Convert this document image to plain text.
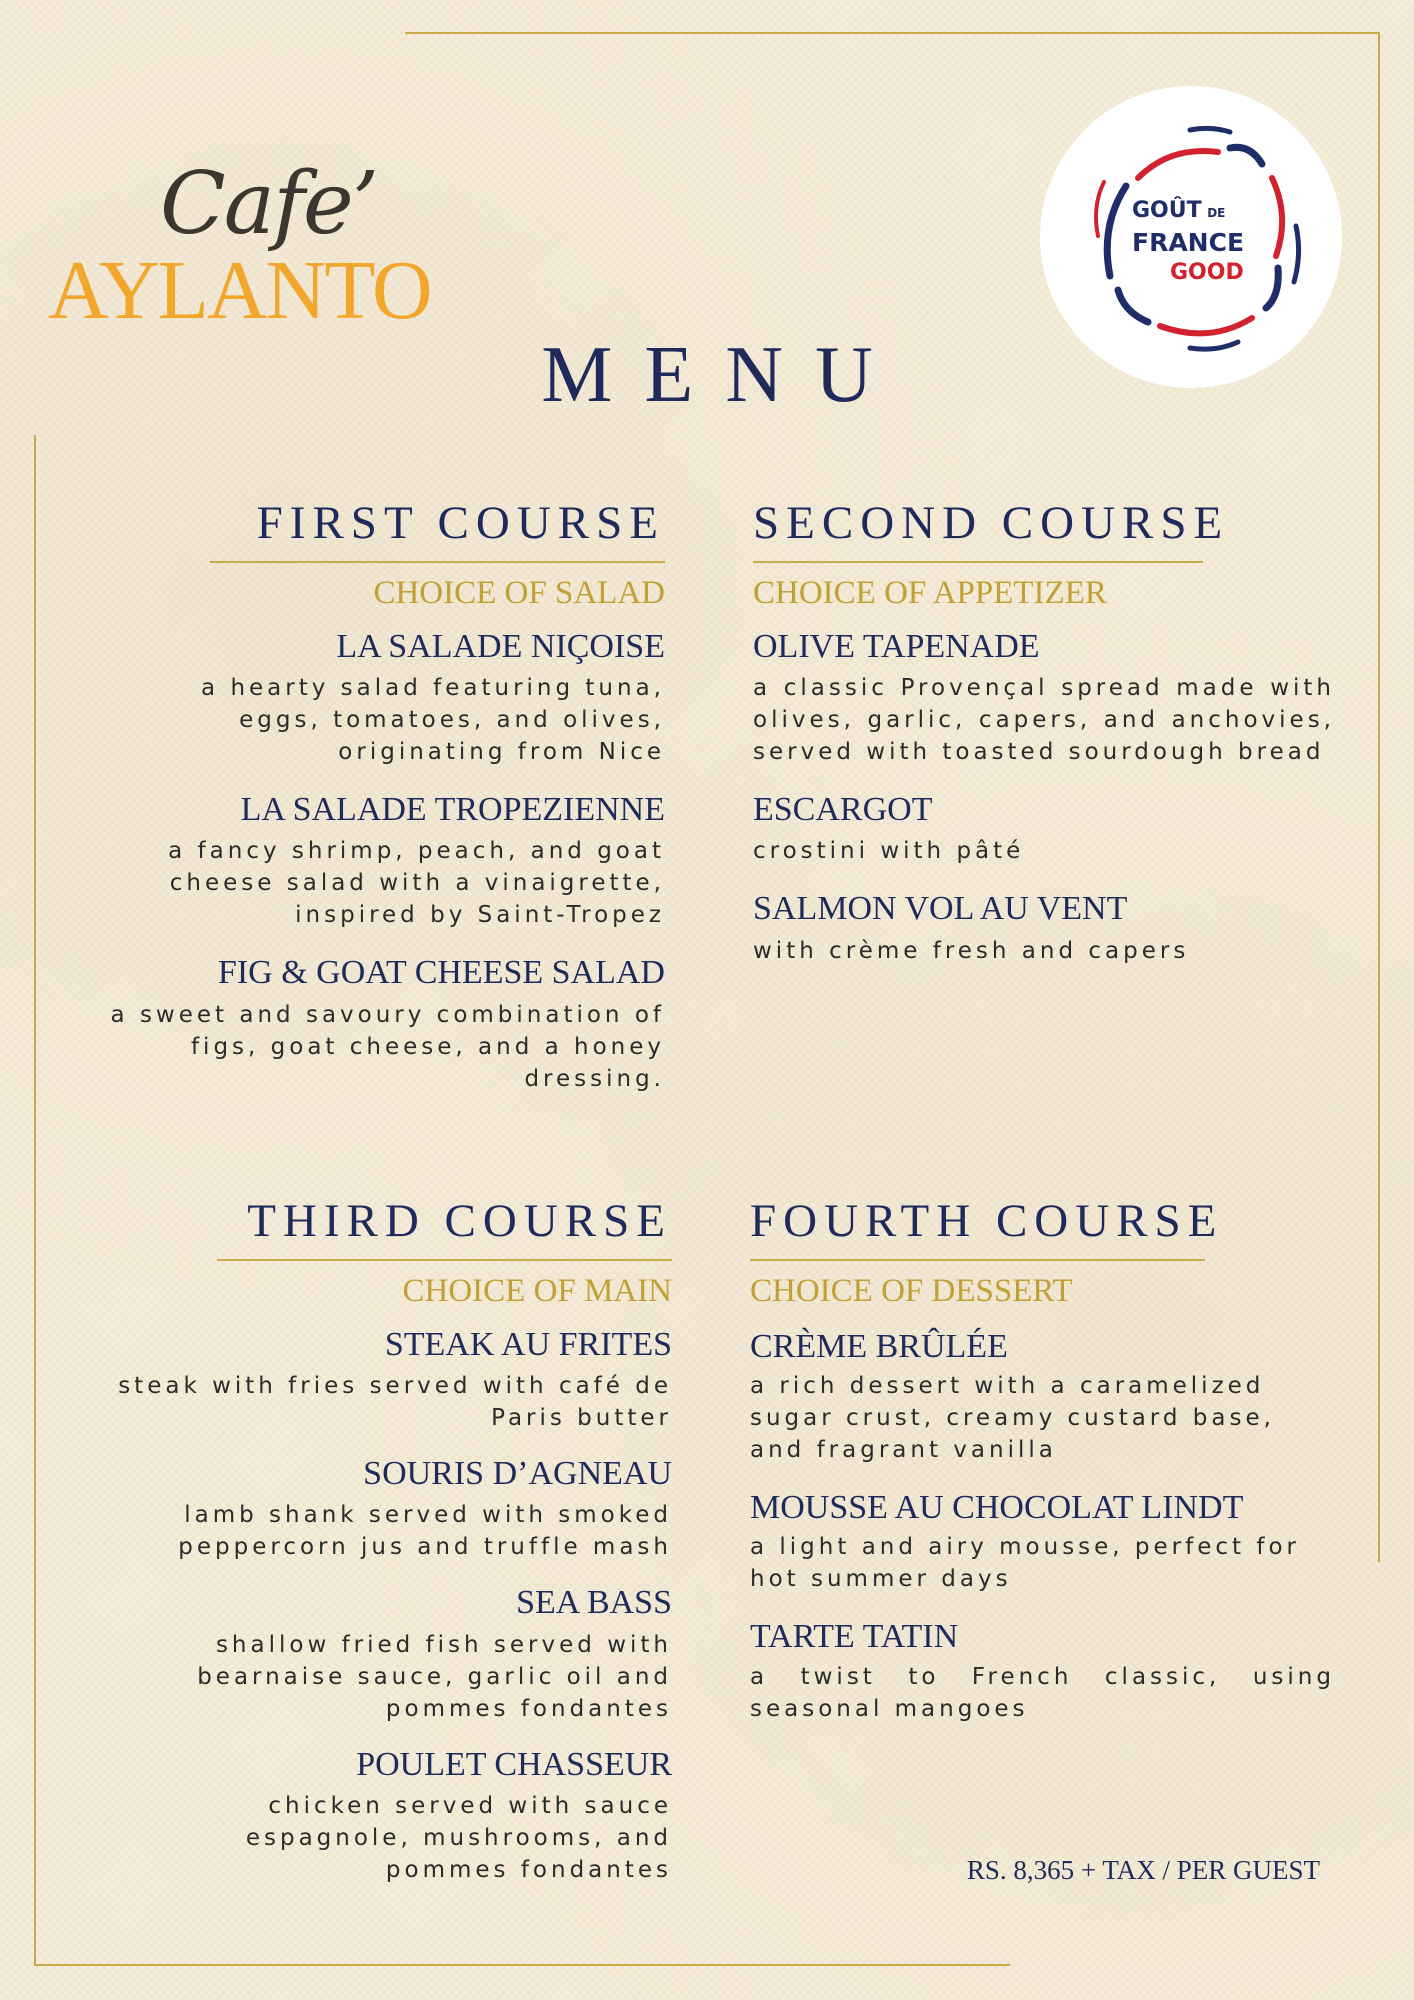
Cafe’
AYLANTO
GOÛT DE
FRANCE
GOOD
MENU
FIRST COURSE
CHOICE OF SALAD
LA SALADE NIÇOISE
a hearty salad featuring tuna, eggs, tomatoes, and olives, originating from Nice
LA SALADE TROPEZIENNE
a fancy shrimp, peach, and goat cheese salad with a vinaigrette, inspired by Saint-Tropez
FIG & GOAT CHEESE SALAD
a sweet and savoury combination of figs, goat cheese, and a honey dressing.
SECOND COURSE
CHOICE OF APPETIZER
OLIVE TAPENADE
a classic Provençal spread made with olives, garlic, capers, and anchovies, served with toasted sourdough bread
ESCARGOT
crostini with pâté
SALMON VOL AU VENT
with crème fresh and capers
THIRD COURSE
CHOICE OF MAIN
STEAK AU FRITES
steak with fries served with café de Paris butter
SOURIS D’AGNEAU
lamb shank served with smoked peppercorn jus and truffle mash
SEA BASS
shallow fried fish served with bearnaise sauce, garlic oil and pommes fondantes
POULET CHASSEUR
chicken served with sauce espagnole, mushrooms, and pommes fondantes
FOURTH COURSE
CHOICE OF DESSERT
CRÈME BRÛLÉE
a rich dessert with a caramelized sugar crust, creamy custard base, and fragrant vanilla
MOUSSE AU CHOCOLAT LINDT
a light and airy mousse, perfect for hot summer days
TARTE TATIN
a twist to French classic, using seasonal mangoes
RS. 8,365 + TAX / PER GUEST
